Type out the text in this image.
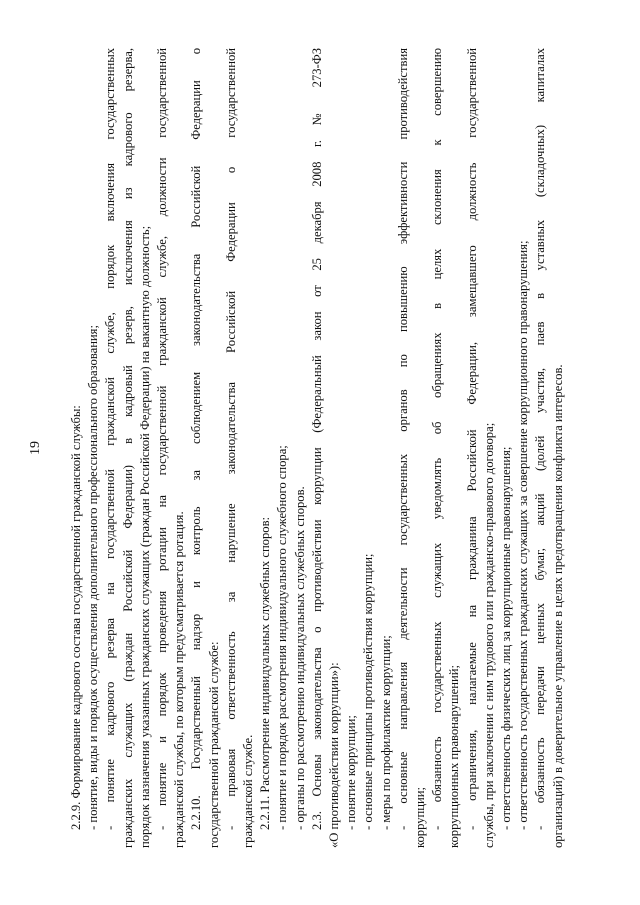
19 2.2.9. Формирование кадрового состава государственной гражданской службы: - понятие, виды и порядок осуществления дополнительного профессионального образования; - понятие кадрового резерва на государственной гражданской службе, порядок включения государственных гражданских служащих (граждан Российской Федерации) в кадровый резерв, исключения из кадрового резерва, порядок назначения указанных гражданских служащих (граждан Российской Федерации) на вакантную должность; - понятие и порядок проведения ротации на государственной гражданской службе, должности государственной гражданской службы, по которым предусматривается ротация. 2.2.10. Государственный надзор и контроль за соблюдением законодательства Российской Федерации о государственной гражданской службе: - правовая ответственность за нарушение законодательства Российской Федерации о государственной гражданской службе. 2.2.11. Рассмотрение индивидуальных служебных споров: - понятие и порядок рассмотрения индивидуального служебного спора; - органы по рассмотрению индивидуальных служебных споров. 2.3. Основы законодательства о противодействии коррупции (Федеральный закон от 25 декабря 2008 г. № 273-ФЗ «О противодействии коррупции»): - понятие коррупции; - основные принципы противодействия коррупции; - меры по профилактике коррупции; - основные направления деятельности государственных органов по повышению эффективности противодействия коррупции; - обязанность государственных служащих уведомлять об обращениях в целях склонения к совершению коррупционных правонарушений; - ограничения, налагаемые на гражданина Российской Федерации, замещавшего должность государственной службы, при заключении с ним трудового или гражданско-правового договора; - ответственность физических лиц за коррупционные правонарушения; - ответственность государственных гражданских служащих за совершение коррупционного правонарушения; - обязанность передачи ценных бумаг, акций (долей участия, паев в уставных (складочных) капиталах организаций) в доверительное управление в целях предотвращения конфликта интересов.
